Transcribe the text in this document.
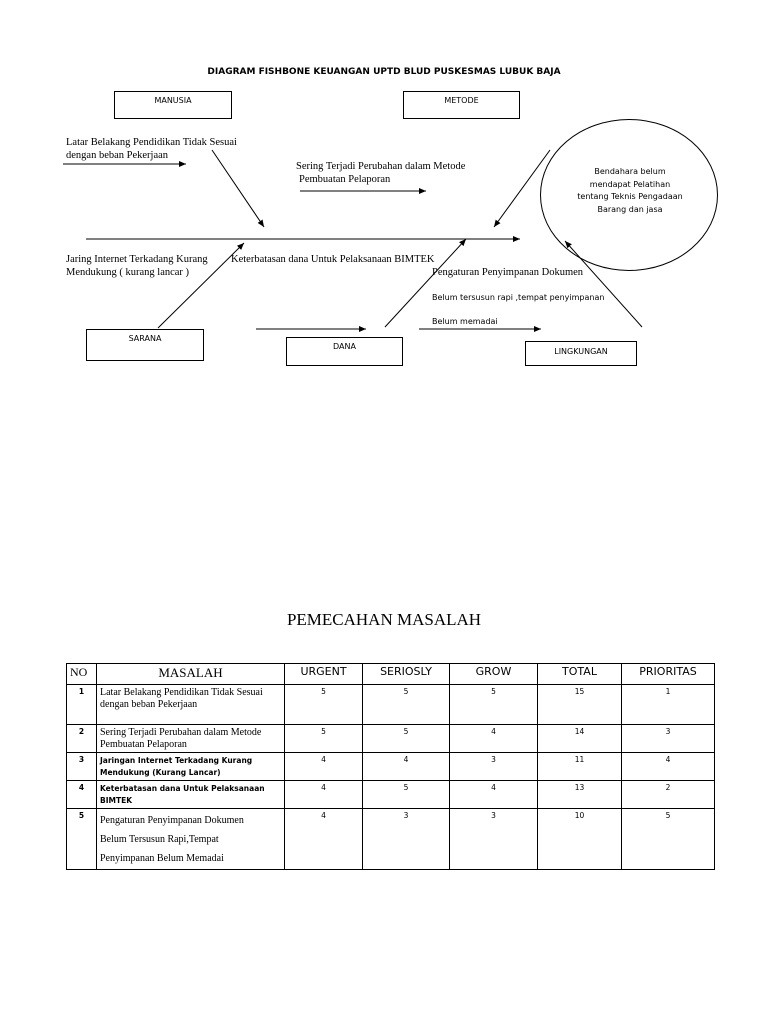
DIAGRAM FISHBONE KEUANGAN UPTD BLUD PUSKESMAS LUBUK BAJA
MANUSIA	METODE
SARANA
DANA
LINGKUNGAN
Latar Belakang Pendidikan Tidak Sesuai
dengan beban Pekerjaan
Sering Terjadi Perubahan dalam Metode
Pembuatan Pelaporan
Jaring Internet Terkadang Kurang
Mendukung ( kurang lancar )
Keterbatasan dana Untuk Pelaksanaan BIMTEK
Pengaturan Penyimpanan Dokumen
Belum tersusun rapi ,tempat penyimpanan
Belum memadai
Bendahara belum
mendapat Pelatihan
tentang Teknis Pengadaan
Barang dan jasa
PEMECAHAN MASALAH
NO	MASALAH	URGENT	SERIOSLY	GROW	TOTAL	PRIORITAS
1	Latar Belakang Pendidikan Tidak Sesuai
dengan beban Pekerjaan	5	5	5	15	1
2	Sering Terjadi Perubahan dalam Metode
Pembuatan Pelaporan	5	5	4	14	3
3	Jaringan Internet Terkadang Kurang
Mendukung (Kurang Lancar)	4	4	3	11	4
4	Keterbatasan dana Untuk Pelaksanaan
BIMTEK	4	5	4	13	2
5	Pengaturan Penyimpanan Dokumen
Belum Tersusun Rapi,Tempat
Penyimpanan Belum Memadai	4	3	3	10	5
